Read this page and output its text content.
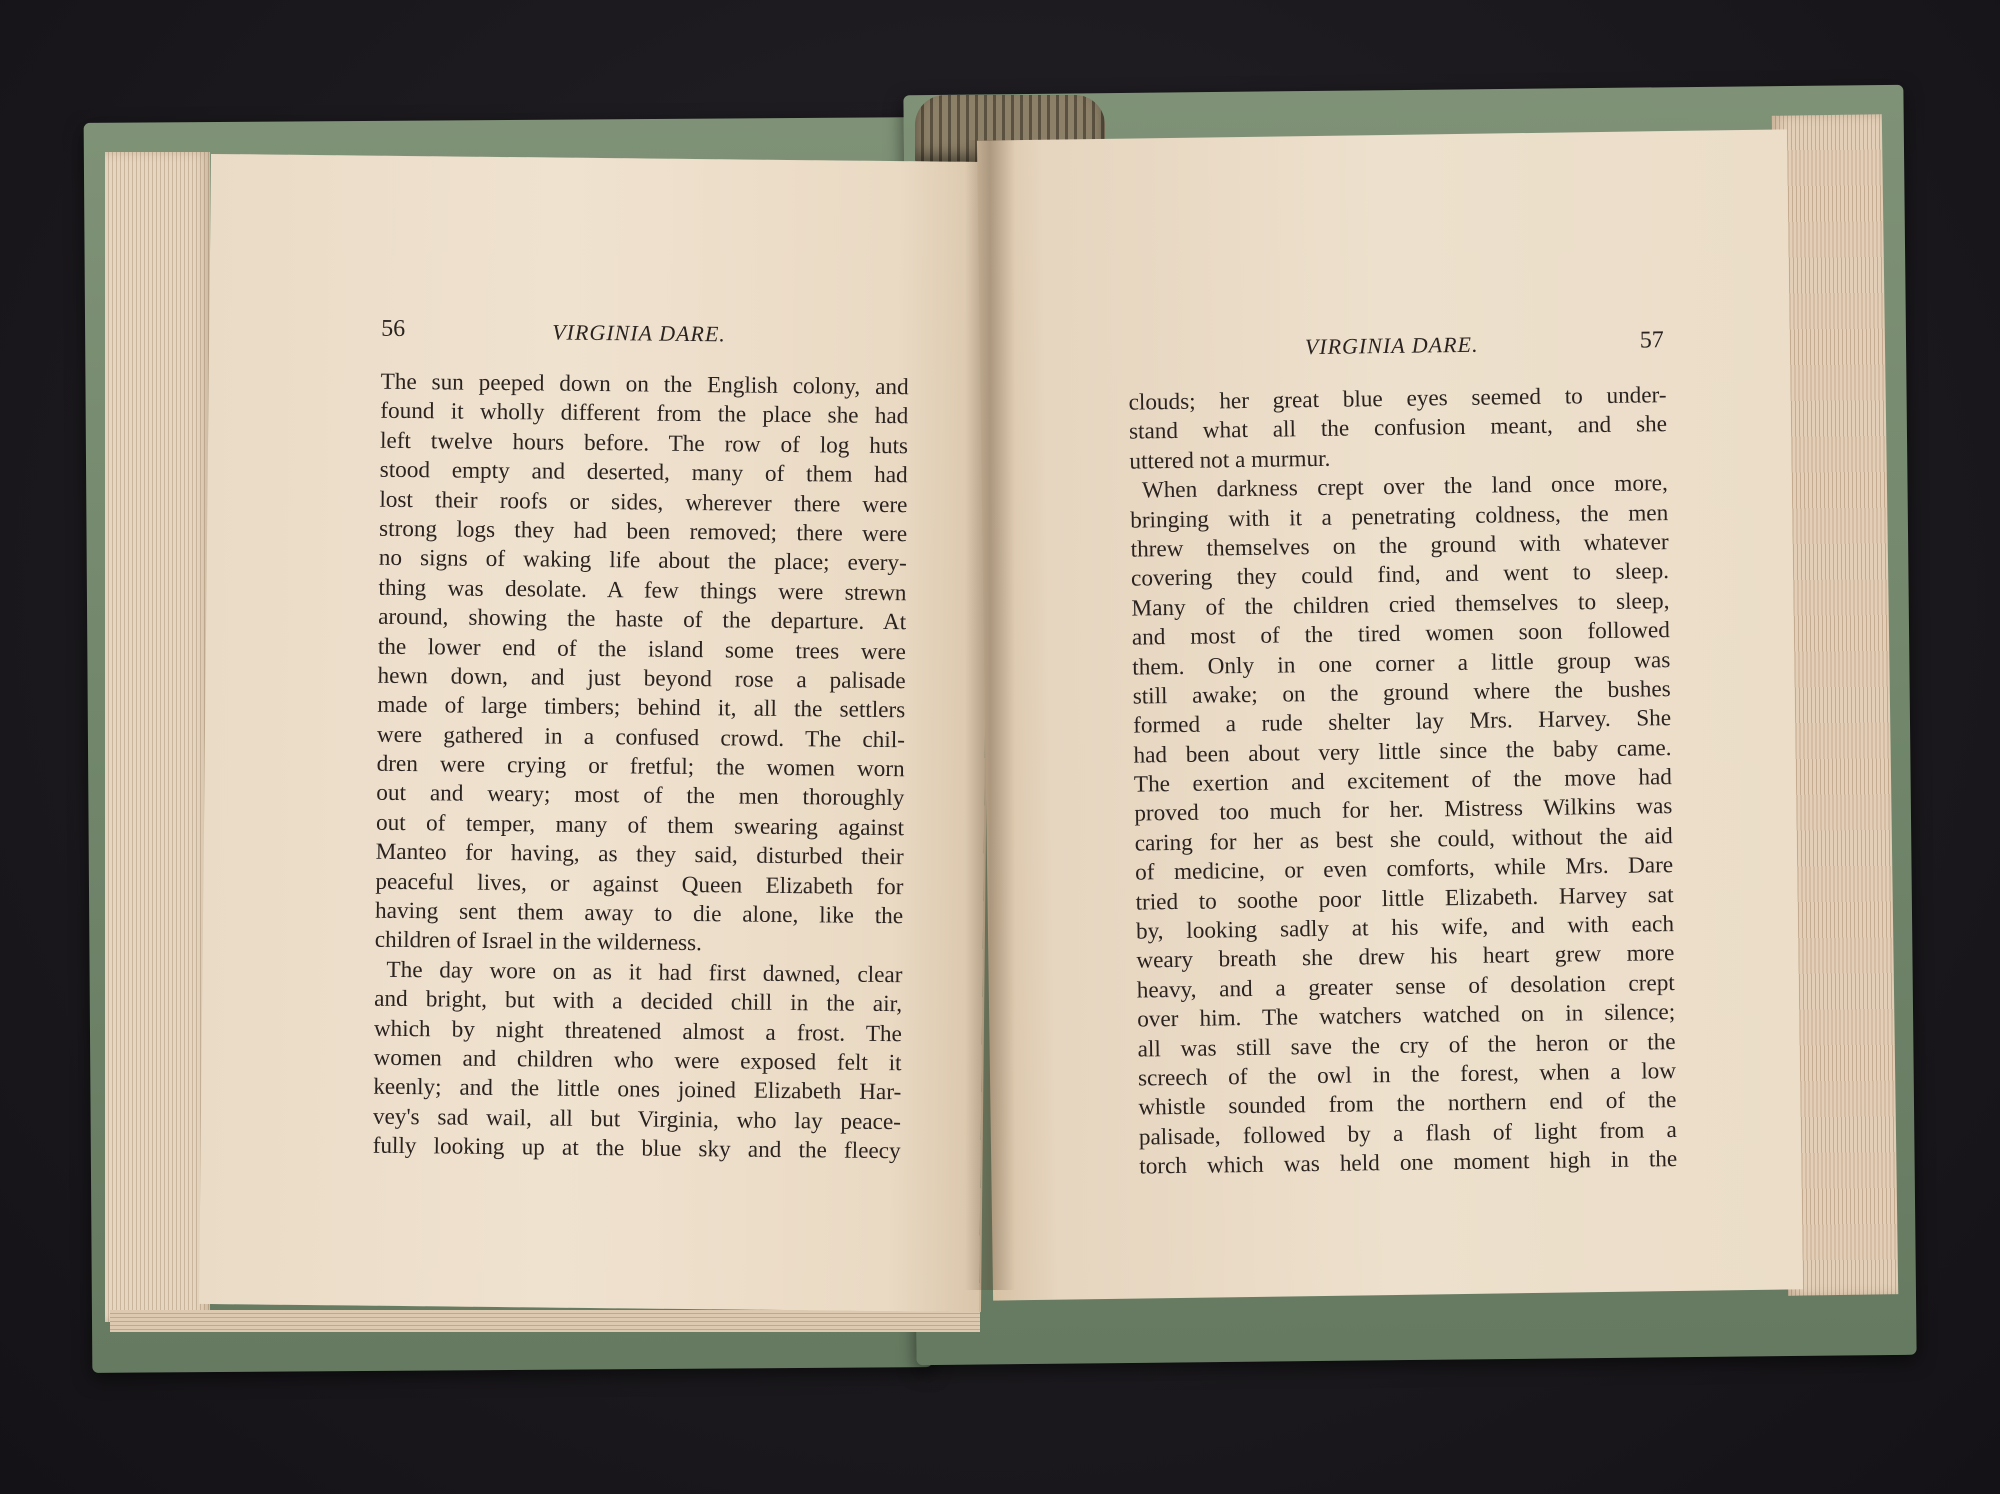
56	VIRGINIA DARE.
The sun peeped down on the English colony, and
found it wholly different from the place she had
left twelve hours before. The row of log huts
stood empty and deserted, many of them had
lost their roofs or sides, wherever there were
strong logs they had been removed; there were
no signs of waking life about the place; every-
thing was desolate. A few things were strewn
around, showing the haste of the departure. At
the lower end of the island some trees were
hewn down, and just beyond rose a palisade
made of large timbers; behind it, all the settlers
were gathered in a confused crowd. The chil-
dren were crying or fretful; the women worn
out and weary; most of the men thoroughly
out of temper, many of them swearing against
Manteo for having, as they said, disturbed their
peaceful lives, or against Queen Elizabeth for
having sent them away to die alone, like the
children of Israel in the wilderness.
The day wore on as it had first dawned, clear
and bright, but with a decided chill in the air,
which by night threatened almost a frost. The
women and children who were exposed felt it
keenly; and the little ones joined Elizabeth Har-
vey's sad wail, all but Virginia, who lay peace-
fully looking up at the blue sky and the fleecy
VIRGINIA DARE.	57
clouds; her great blue eyes seemed to under-
stand what all the confusion meant, and she
uttered not a murmur.
When darkness crept over the land once more,
bringing with it a penetrating coldness, the men
threw themselves on the ground with whatever
covering they could find, and went to sleep.
Many of the children cried themselves to sleep,
and most of the tired women soon followed
them. Only in one corner a little group was
still awake; on the ground where the bushes
formed a rude shelter lay Mrs. Harvey. She
had been about very little since the baby came.
The exertion and excitement of the move had
proved too much for her. Mistress Wilkins was
caring for her as best she could, without the aid
of medicine, or even comforts, while Mrs. Dare
tried to soothe poor little Elizabeth. Harvey sat
by, looking sadly at his wife, and with each
weary breath she drew his heart grew more
heavy, and a greater sense of desolation crept
over him. The watchers watched on in silence;
all was still save the cry of the heron or the
screech of the owl in the forest, when a low
whistle sounded from the northern end of the
palisade, followed by a flash of light from a
torch which was held one moment high in the
